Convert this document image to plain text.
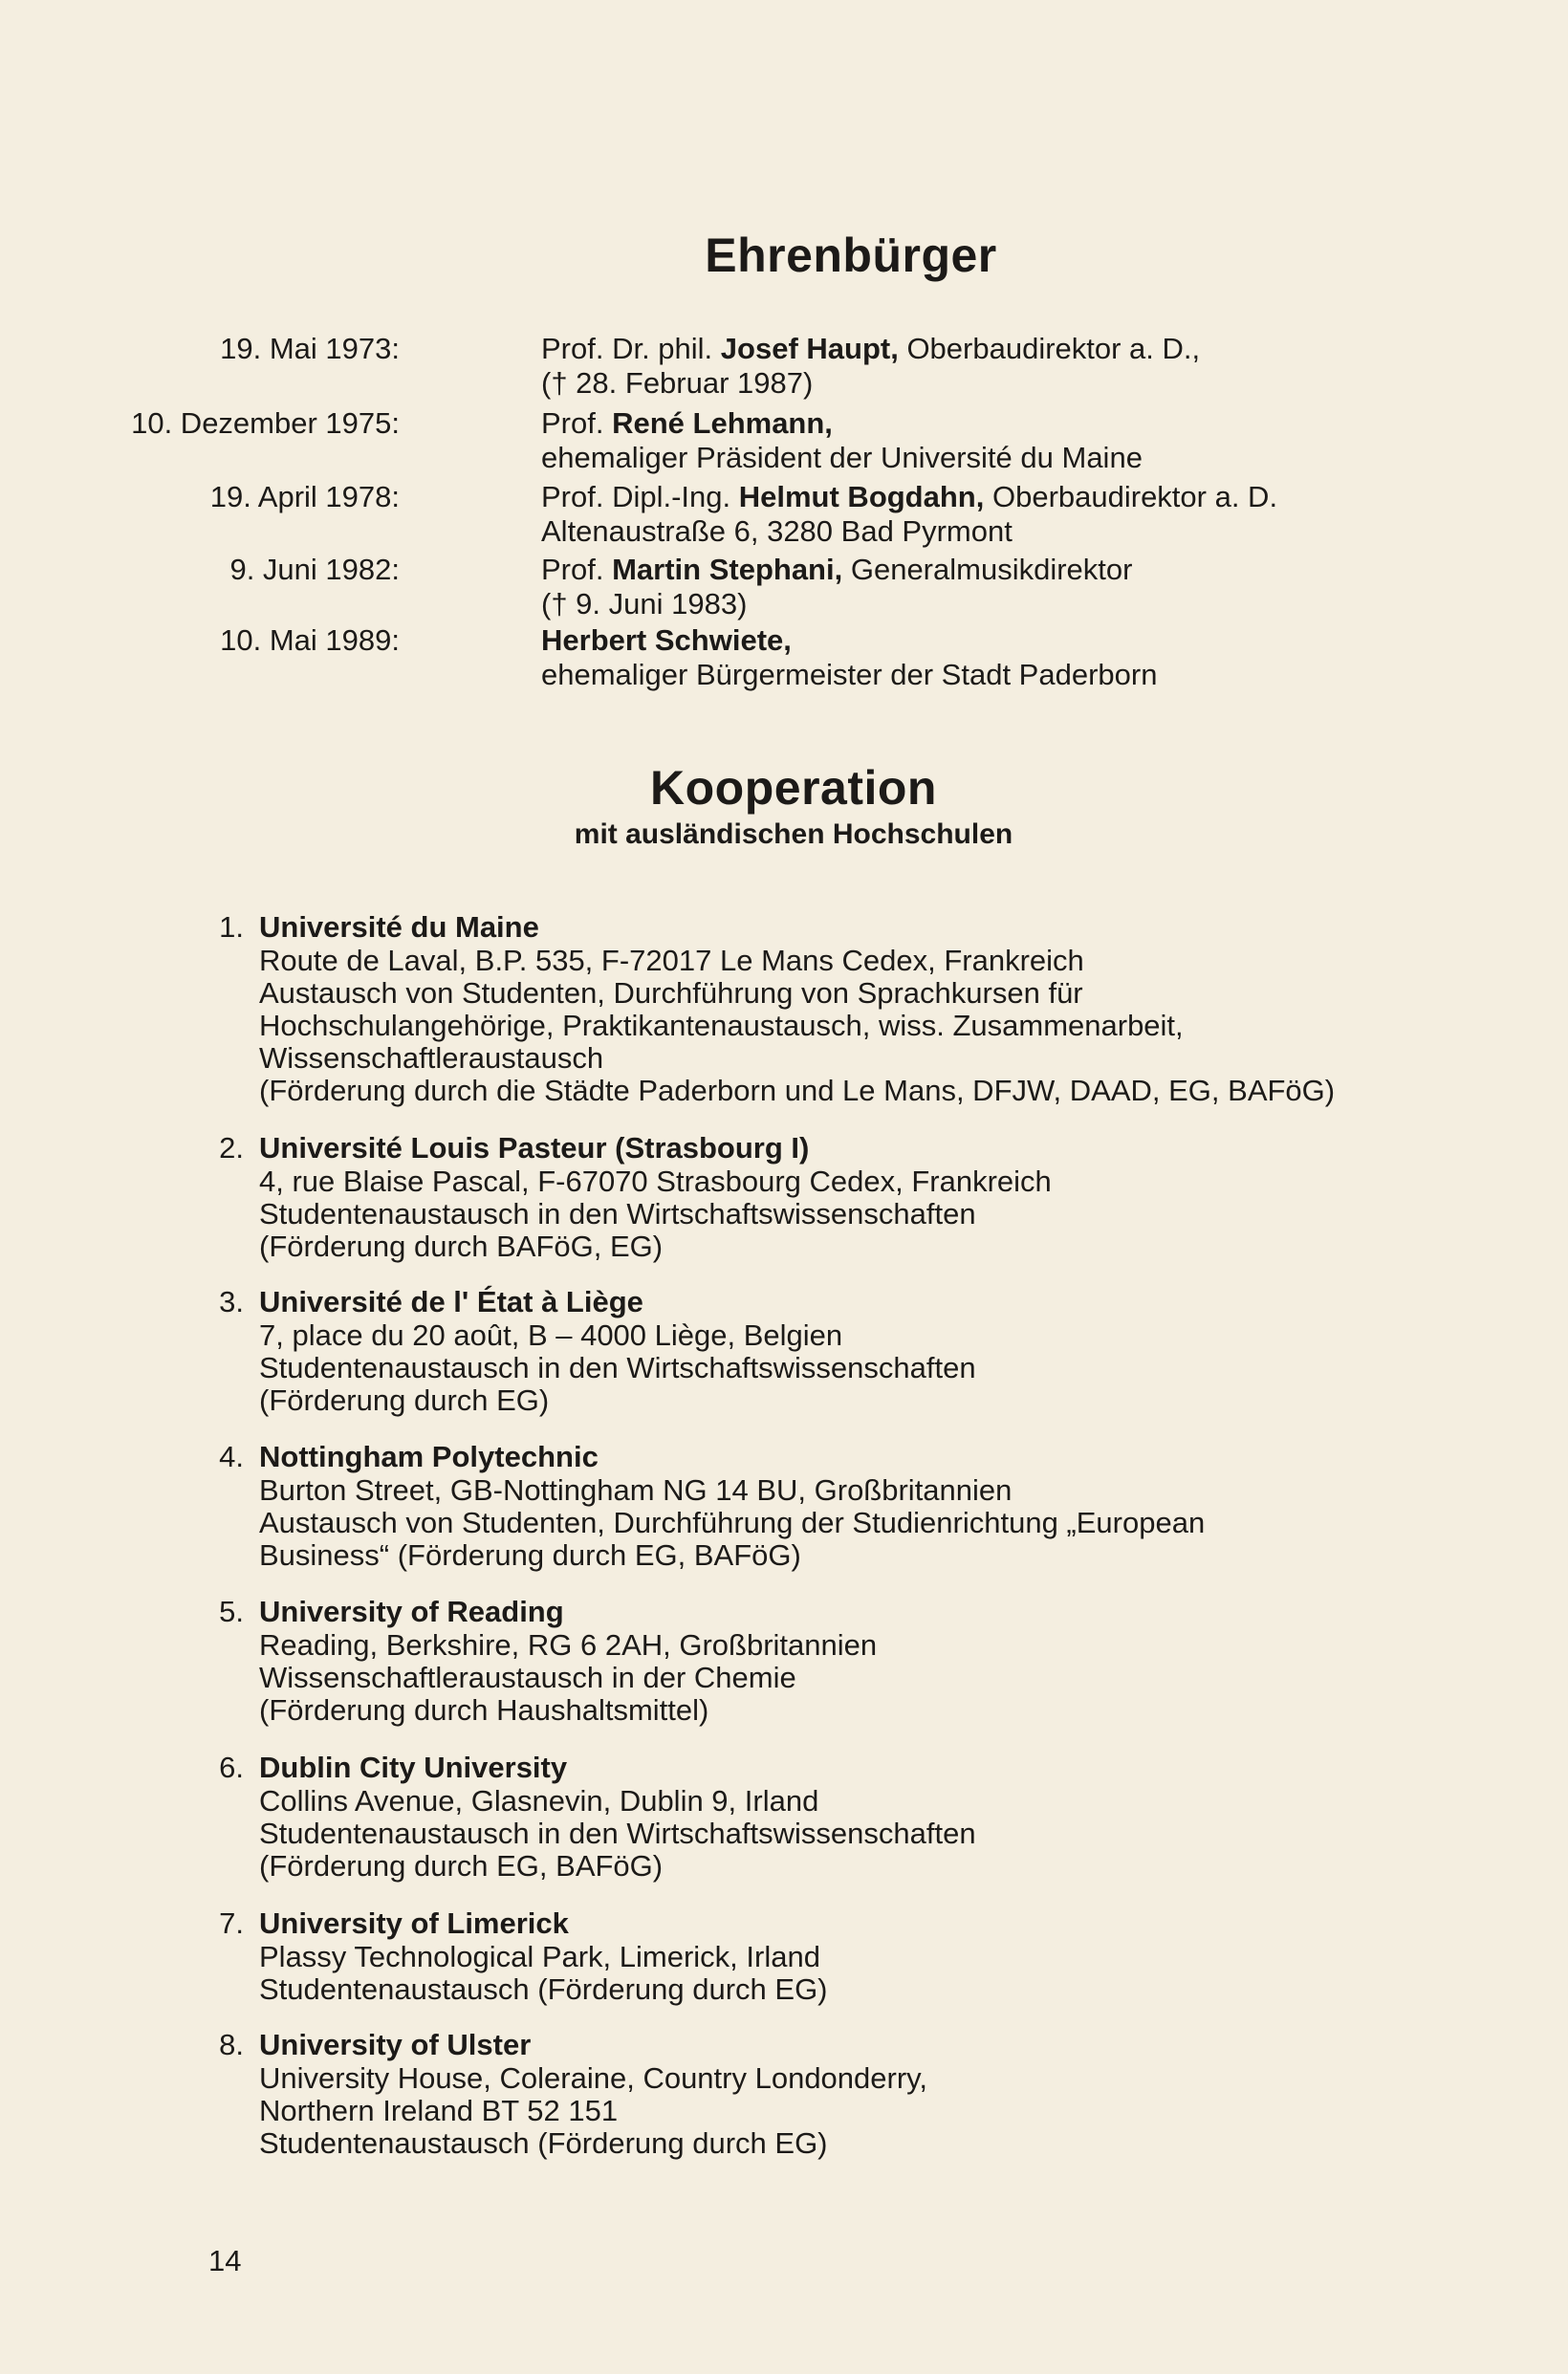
Ehrenbürger
19. Mai 1973:	Prof. Dr. phil. Josef Haupt, Oberbaudirektor a. D.,
(† 28. Februar 1987)
10. Dezember 1975:	Prof. René Lehmann,
ehemaliger Präsident der Université du Maine
19. April 1978:	Prof. Dipl.-Ing. Helmut Bogdahn, Oberbaudirektor a. D.
Altenaustraße 6, 3280 Bad Pyrmont
9. Juni 1982:	Prof. Martin Stephani, Generalmusikdirektor
(† 9. Juni 1983)
10. Mai 1989:	Herbert Schwiete,
ehemaliger Bürgermeister der Stadt Paderborn
Kooperation
mit ausländischen Hochschulen
1. Université du Maine
Route de Laval, B.P. 535, F-72017 Le Mans Cedex, Frankreich
Austausch von Studenten, Durchführung von Sprachkursen für
Hochschulangehörige, Praktikantenaustausch, wiss. Zusammenarbeit,
Wissenschaftleraustausch
(Förderung durch die Städte Paderborn und Le Mans, DFJW, DAAD, EG, BAFöG)
2. Université Louis Pasteur (Strasbourg I)
4, rue Blaise Pascal, F-67070 Strasbourg Cedex, Frankreich
Studentenaustausch in den Wirtschaftswissenschaften
(Förderung durch BAFöG, EG)
3. Université de l' État à Liège
7, place du 20 août, B – 4000 Liège, Belgien
Studentenaustausch in den Wirtschaftswissenschaften
(Förderung durch EG)
4. Nottingham Polytechnic
Burton Street, GB-Nottingham NG 14 BU, Großbritannien
Austausch von Studenten, Durchführung der Studienrichtung „European
Business“ (Förderung durch EG, BAFöG)
5. University of Reading
Reading, Berkshire, RG 6 2AH, Großbritannien
Wissenschaftleraustausch in der Chemie
(Förderung durch Haushaltsmittel)
6. Dublin City University
Collins Avenue, Glasnevin, Dublin 9, Irland
Studentenaustausch in den Wirtschaftswissenschaften
(Förderung durch EG, BAFöG)
7. University of Limerick
Plassy Technological Park, Limerick, Irland
Studentenaustausch (Förderung durch EG)
8. University of Ulster
University House, Coleraine, Country Londonderry,
Northern Ireland BT 52 151
Studentenaustausch (Förderung durch EG)
14
